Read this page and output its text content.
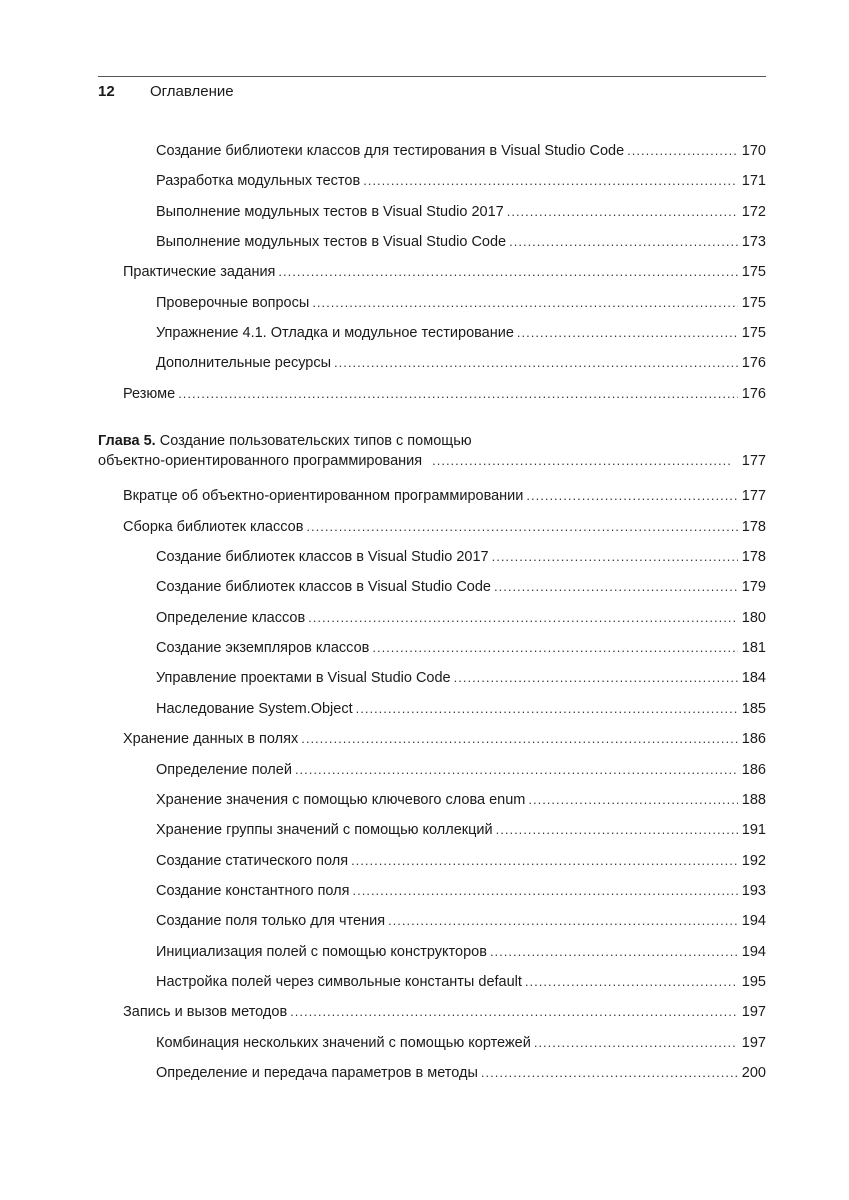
12 Оглавление
Создание библиотеки классов для тестирования в Visual Studio Code .....	170
Разработка модульных тестов .....	171
Выполнение модульных тестов в Visual Studio 2017 .....	172
Выполнение модульных тестов в Visual Studio Code .....	173
Практические задания .....	175
Проверочные вопросы .....	175
Упражнение 4.1. Отладка и модульное тестирование .....	175
Дополнительные ресурсы .....	176
Резюме .....	176
Глава 5. Создание пользовательских типов с помощью
объектно-ориентированного программирования .....	177
Вкратце об объектно-ориентированном программировании .....	177
Сборка библиотек классов .....	178
Создание библиотек классов в Visual Studio 2017 .....	178
Создание библиотек классов в Visual Studio Code .....	179
Определение классов .....	180
Создание экземпляров классов .....	181
Управление проектами в Visual Studio Code .....	184
Наследование System.Object .....	185
Хранение данных в полях .....	186
Определение полей .....	186
Хранение значения с помощью ключевого слова enum .....	188
Хранение группы значений с помощью коллекций .....	191
Создание статического поля .....	192
Создание константного поля .....	193
Создание поля только для чтения .....	194
Инициализация полей с помощью конструкторов .....	194
Настройка полей через символьные константы default .....	195
Запись и вызов методов .....	197
Комбинация нескольких значений с помощью кортежей .....	197
Определение и передача параметров в методы .....	200
